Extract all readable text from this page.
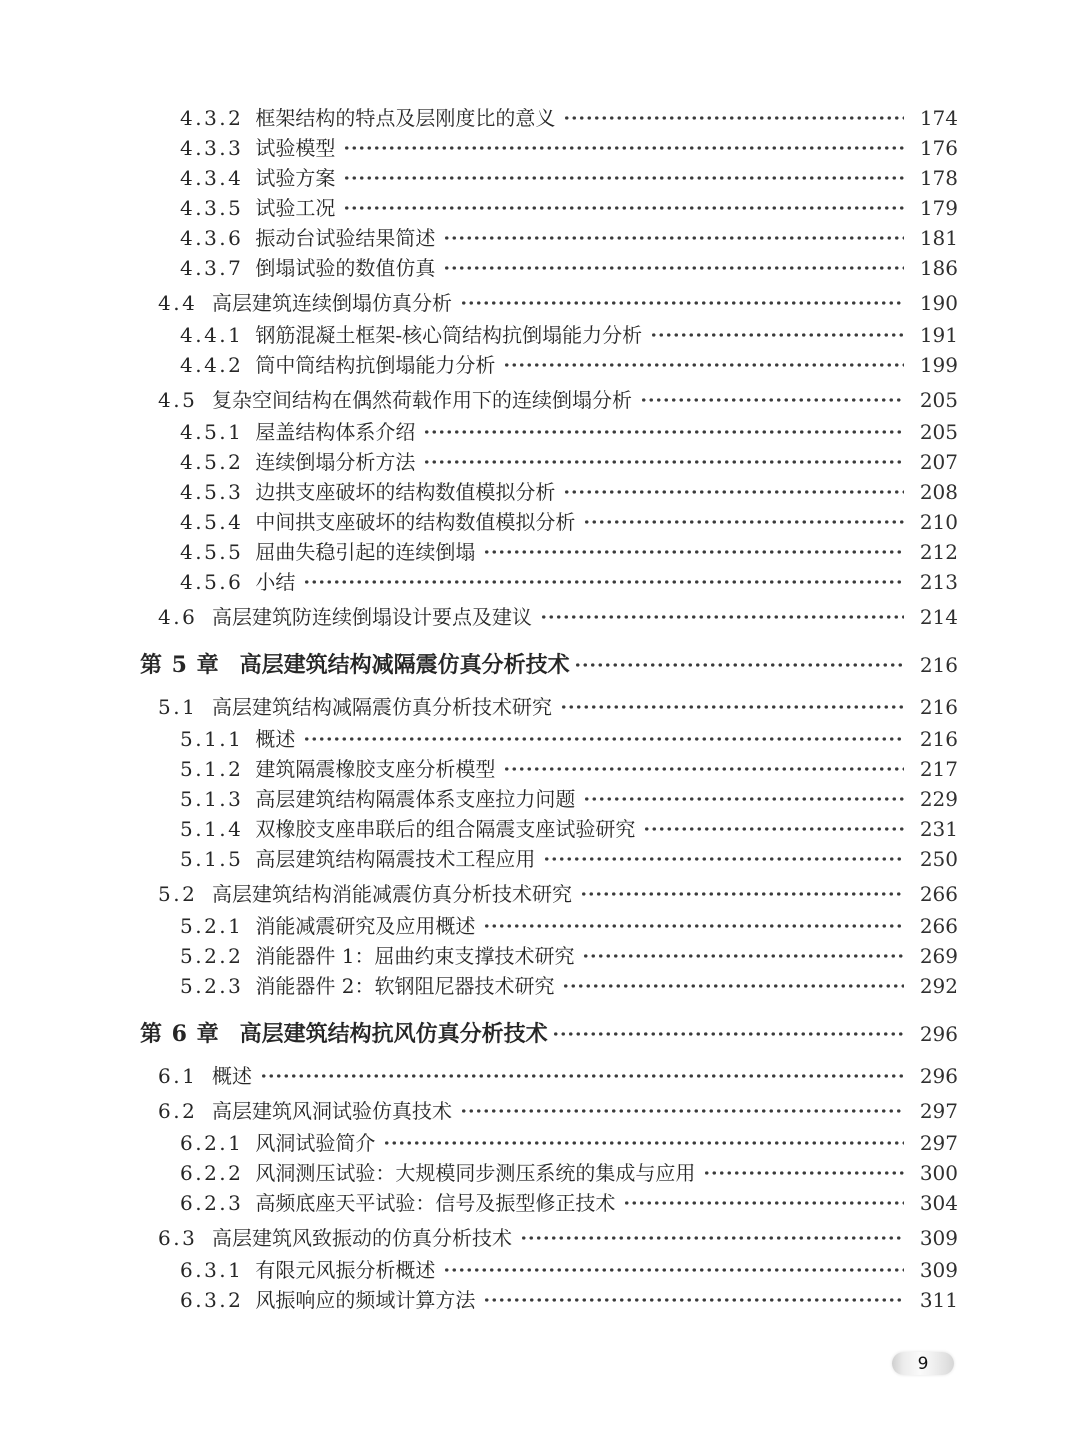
4.3.2 框架结构的特点及层刚度比的意义	174
4.3.3 试验模型	176
4.3.4 试验方案	178
4.3.5 试验工况	179
4.3.6 振动台试验结果简述	181
4.3.7 倒塌试验的数值仿真	186
4.4 高层建筑连续倒塌仿真分析	190
4.4.1 钢筋混凝土框架-核心筒结构抗倒塌能力分析	191
4.4.2 筒中筒结构抗倒塌能力分析	199
4.5 复杂空间结构在偶然荷载作用下的连续倒塌分析	205
4.5.1 屋盖结构体系介绍	205
4.5.2 连续倒塌分析方法	207
4.5.3 边拱支座破坏的结构数值模拟分析	208
4.5.4 中间拱支座破坏的结构数值模拟分析	210
4.5.5 屈曲失稳引起的连续倒塌	212
4.5.6 小结	213
4.6 高层建筑防连续倒塌设计要点及建议	214
第 5 章 高层建筑结构减隔震仿真分析技术	216
5.1 高层建筑结构减隔震仿真分析技术研究	216
5.1.1 概述	216
5.1.2 建筑隔震橡胶支座分析模型	217
5.1.3 高层建筑结构隔震体系支座拉力问题	229
5.1.4 双橡胶支座串联后的组合隔震支座试验研究	231
5.1.5 高层建筑结构隔震技术工程应用	250
5.2 高层建筑结构消能减震仿真分析技术研究	266
5.2.1 消能减震研究及应用概述	266
5.2.2 消能器件 1：屈曲约束支撑技术研究	269
5.2.3 消能器件 2：软钢阻尼器技术研究	292
第 6 章 高层建筑结构抗风仿真分析技术	296
6.1 概述	296
6.2 高层建筑风洞试验仿真技术	297
6.2.1 风洞试验简介	297
6.2.2 风洞测压试验：大规模同步测压系统的集成与应用	300
6.2.3 高频底座天平试验：信号及振型修正技术	304
6.3 高层建筑风致振动的仿真分析技术	309
6.3.1 有限元风振分析概述	309
6.3.2 风振响应的频域计算方法	311
9
